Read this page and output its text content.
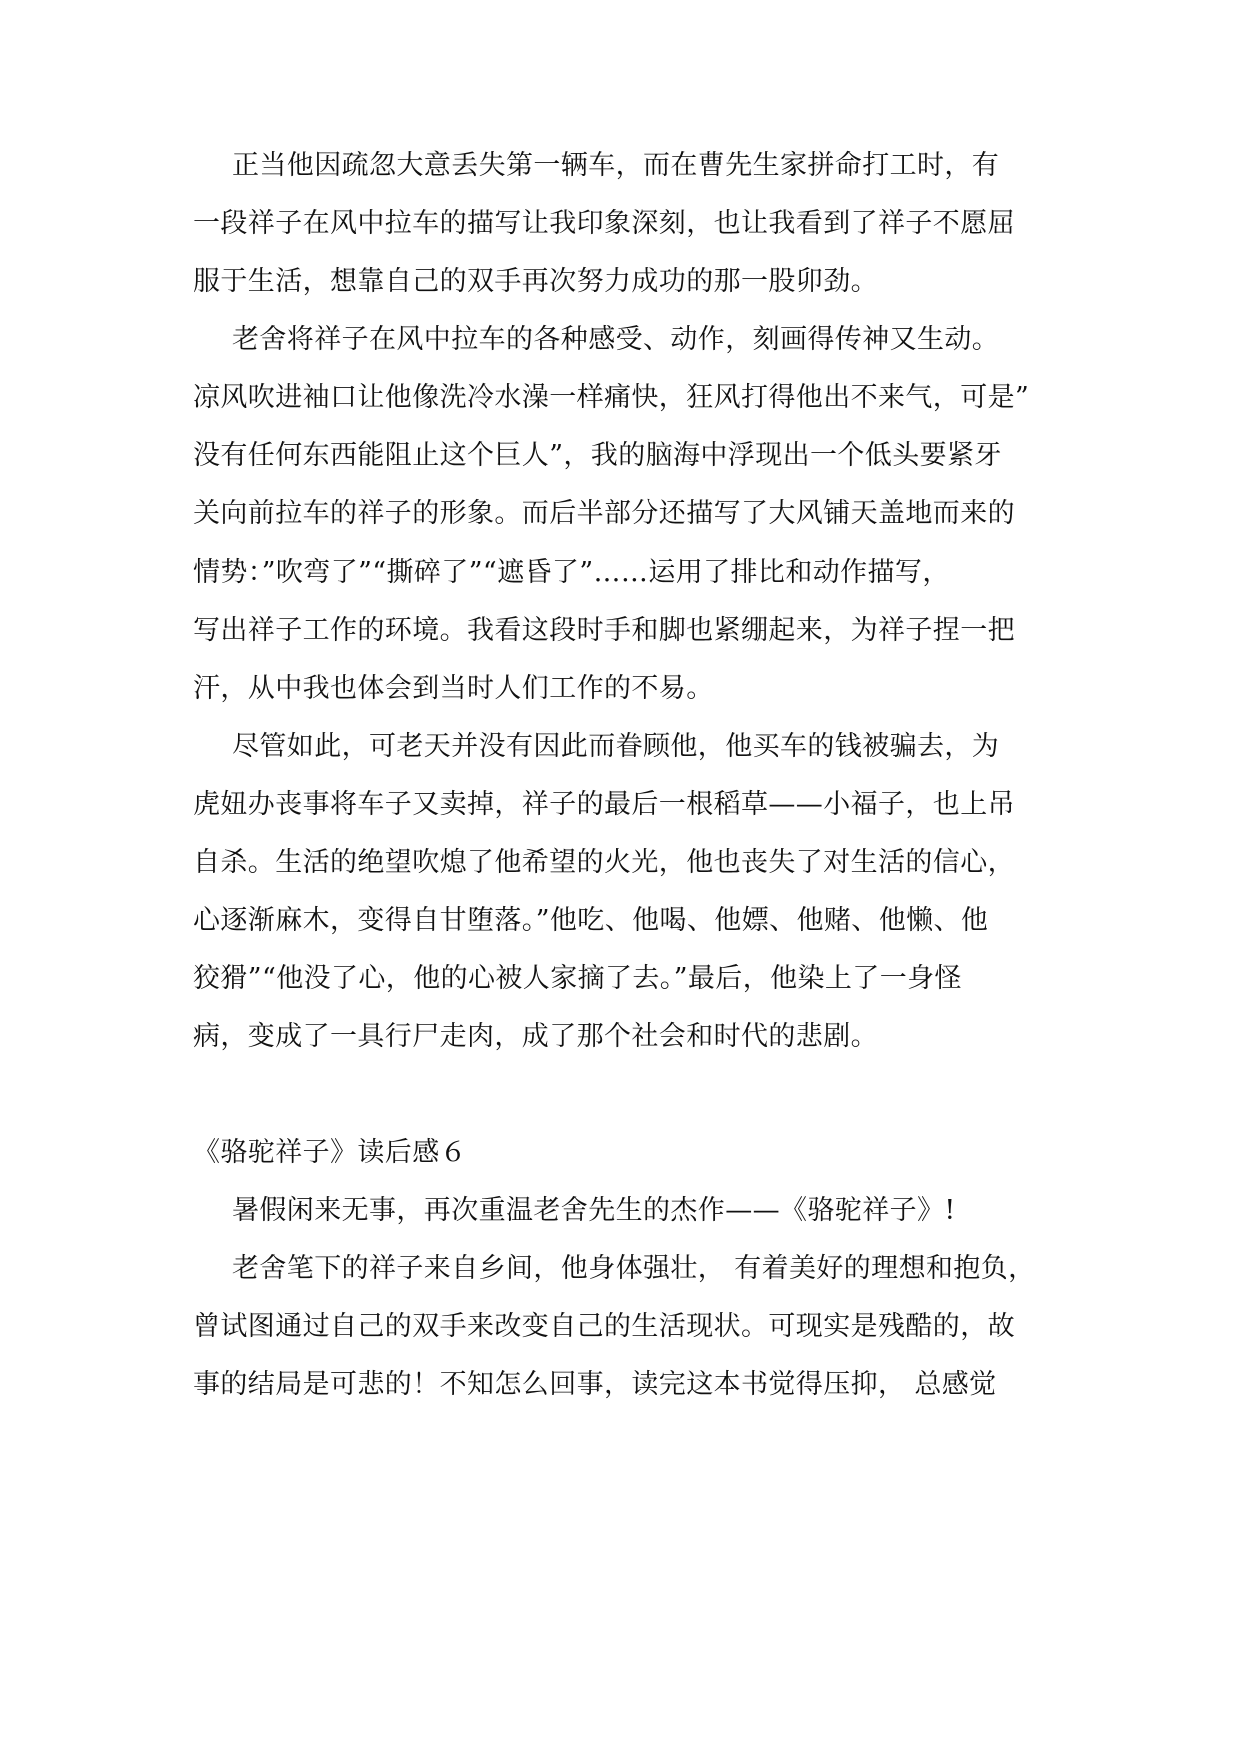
正当他因疏忽大意丢失第一辆车，而在曹先生家拼命打工时，有
一段祥子在风中拉车的描写让我印象深刻，也让我看到了祥子不愿屈
服于生活，想靠自己的双手再次努力成功的那一股卯劲。
老舍将祥子在风中拉车的各种感受、动作，刻画得传神又生动。
凉风吹进袖口让他像洗冷水澡一样痛快，狂风打得他出不来气，可是”
没有任何东西能阻止这个巨人”，我的脑海中浮现出一个低头要紧牙
关向前拉车的祥子的形象。而后半部分还描写了大风铺天盖地而来的
情势：”吹弯了”“撕碎了”“遮昏了”……运用了排比和动作描写，
写出祥子工作的环境。我看这段时手和脚也紧绷起来，为祥子捏一把
汗，从中我也体会到当时人们工作的不易。
尽管如此，可老天并没有因此而眷顾他，他买车的钱被骗去，为
虎妞办丧事将车子又卖掉，祥子的最后一根稻草——小福子，也上吊
自杀。生活的绝望吹熄了他希望的火光，他也丧失了对生活的信心，
心逐渐麻木，变得自甘堕落。”他吃、他喝、他嫖、他赌、他懒、他
狡猾”“他没了心，他的心被人家摘了去。”最后，他染上了一身怪
病，变成了一具行尸走肉，成了那个社会和时代的悲剧。
《骆驼祥子》读后感６
暑假闲来无事，再次重温老舍先生的杰作——《骆驼祥子》!
老舍笔下的祥子来自乡间，他身体强壮， 有着美好的理想和抱负，
曾试图通过自己的双手来改变自己的生活现状。可现实是残酷的，故
事的结局是可悲的！不知怎么回事，读完这本书觉得压抑， 总感觉
